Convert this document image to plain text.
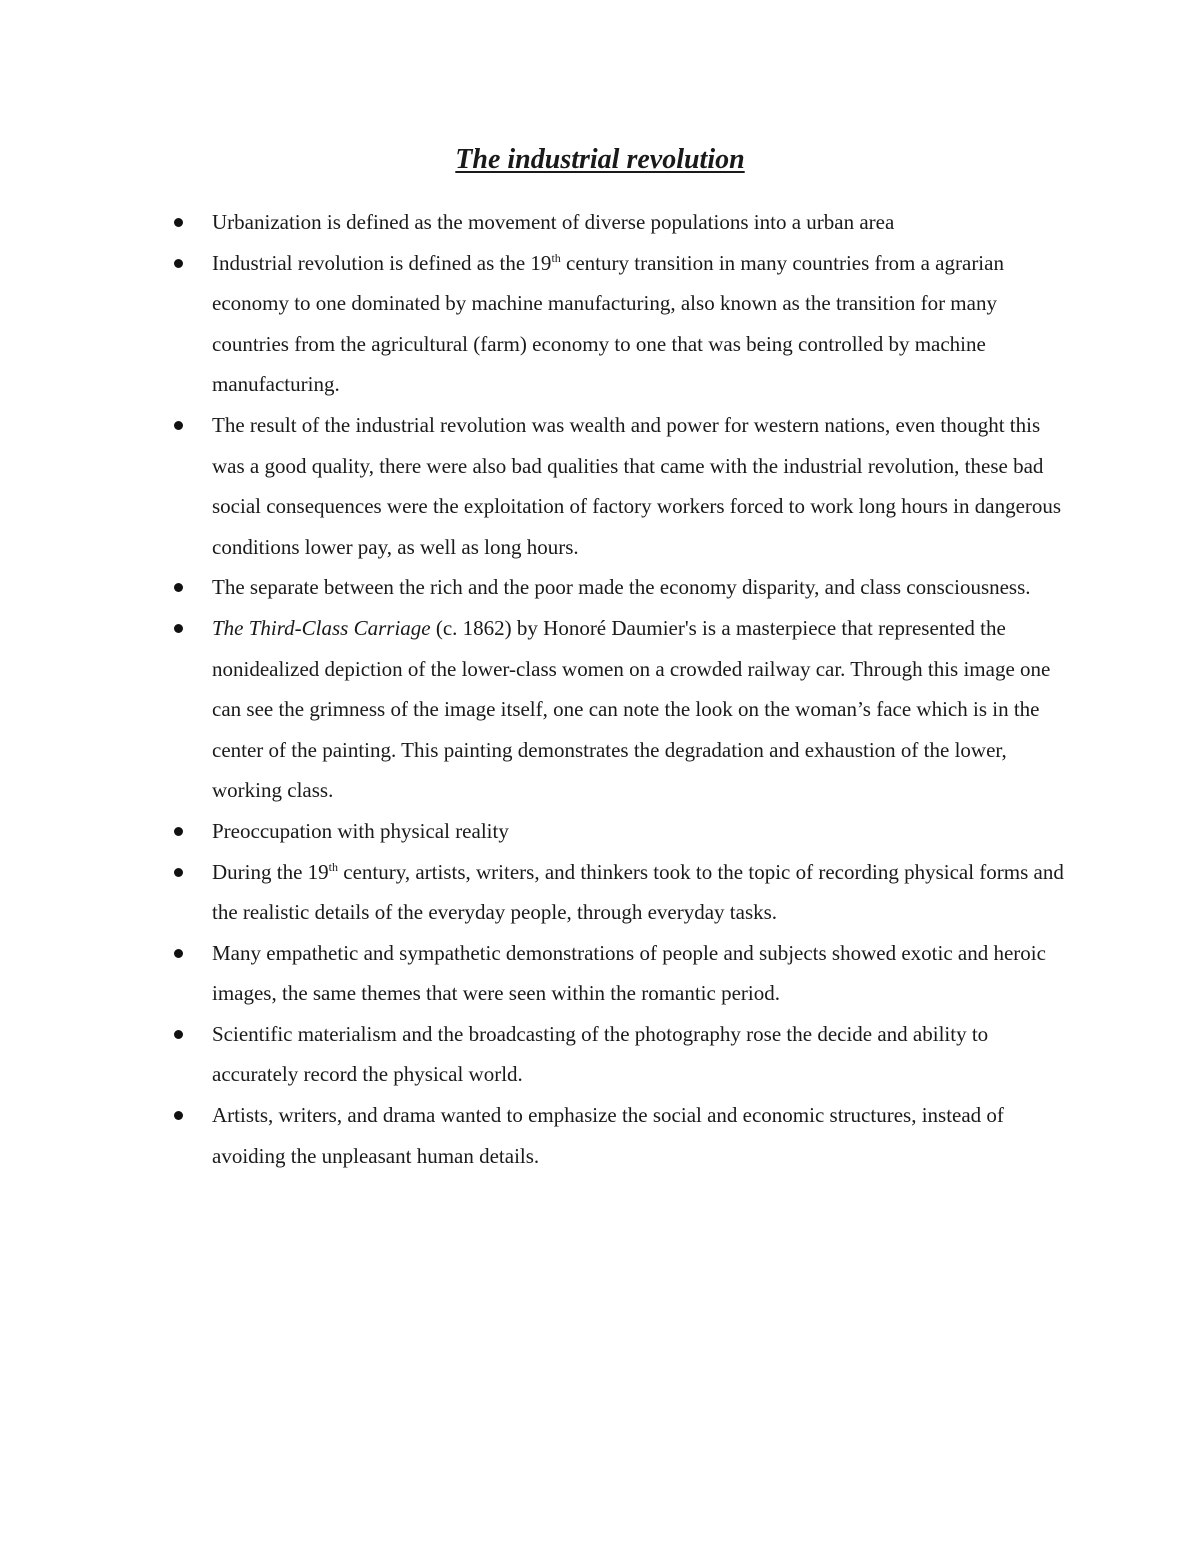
The industrial revolution
Urbanization is defined as the movement of diverse populations into a urban area
Industrial revolution is defined as the 19th century transition in many countries from a agrarian economy to one dominated by machine manufacturing, also known as the transition for many countries from the agricultural (farm) economy to one that was being controlled by machine manufacturing.
The result of the industrial revolution was wealth and power for western nations, even thought this was a good quality, there were also bad qualities that came with the industrial revolution, these bad social consequences were the exploitation of factory workers forced to work long hours in dangerous conditions lower pay, as well as long hours.
The separate between the rich and the poor made the economy disparity, and class consciousness.
The Third-Class Carriage (c. 1862) by Honoré Daumier's is a masterpiece that represented the nonidealized depiction of the lower-class women on a crowded railway car. Through this image one can see the grimness of the image itself, one can note the look on the woman’s face which is in the center of the painting. This painting demonstrates the degradation and exhaustion of the lower, working class.
Preoccupation with physical reality
During the 19th century, artists, writers, and thinkers took to the topic of recording physical forms and the realistic details of the everyday people, through everyday tasks.
Many empathetic and sympathetic demonstrations of people and subjects showed exotic and heroic images, the same themes that were seen within the romantic period.
Scientific materialism and the broadcasting of the photography rose the decide and ability to accurately record the physical world.
Artists, writers, and drama wanted to emphasize the social and economic structures, instead of avoiding the unpleasant human details.
